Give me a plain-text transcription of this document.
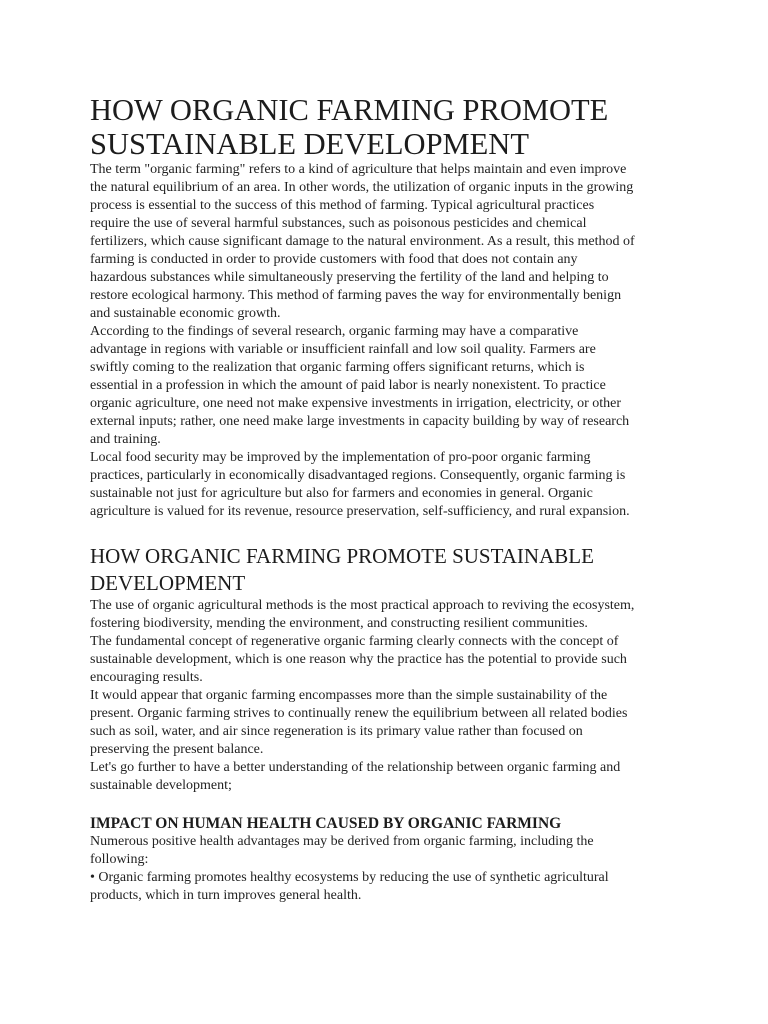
HOW ORGANIC FARMING PROMOTE
SUSTAINABLE DEVELOPMENT
The term "organic farming" refers to a kind of agriculture that helps maintain and even improve
the natural equilibrium of an area. In other words, the utilization of organic inputs in the growing
process is essential to the success of this method of farming. Typical agricultural practices
require the use of several harmful substances, such as poisonous pesticides and chemical
fertilizers, which cause significant damage to the natural environment. As a result, this method of
farming is conducted in order to provide customers with food that does not contain any
hazardous substances while simultaneously preserving the fertility of the land and helping to
restore ecological harmony. This method of farming paves the way for environmentally benign
and sustainable economic growth.
According to the findings of several research, organic farming may have a comparative
advantage in regions with variable or insufficient rainfall and low soil quality. Farmers are
swiftly coming to the realization that organic farming offers significant returns, which is
essential in a profession in which the amount of paid labor is nearly nonexistent. To practice
organic agriculture, one need not make expensive investments in irrigation, electricity, or other
external inputs; rather, one need make large investments in capacity building by way of research
and training.
Local food security may be improved by the implementation of pro-poor organic farming
practices, particularly in economically disadvantaged regions. Consequently, organic farming is
sustainable not just for agriculture but also for farmers and economies in general. Organic
agriculture is valued for its revenue, resource preservation, self-sufficiency, and rural expansion.
HOW ORGANIC FARMING PROMOTE SUSTAINABLE
DEVELOPMENT
The use of organic agricultural methods is the most practical approach to reviving the ecosystem,
fostering biodiversity, mending the environment, and constructing resilient communities.
The fundamental concept of regenerative organic farming clearly connects with the concept of
sustainable development, which is one reason why the practice has the potential to provide such
encouraging results.
It would appear that organic farming encompasses more than the simple sustainability of the
present. Organic farming strives to continually renew the equilibrium between all related bodies
such as soil, water, and air since regeneration is its primary value rather than focused on
preserving the present balance.
Let's go further to have a better understanding of the relationship between organic farming and
sustainable development;
IMPACT ON HUMAN HEALTH CAUSED BY ORGANIC FARMING
Numerous positive health advantages may be derived from organic farming, including the
following:
• Organic farming promotes healthy ecosystems by reducing the use of synthetic agricultural
products, which in turn improves general health.
